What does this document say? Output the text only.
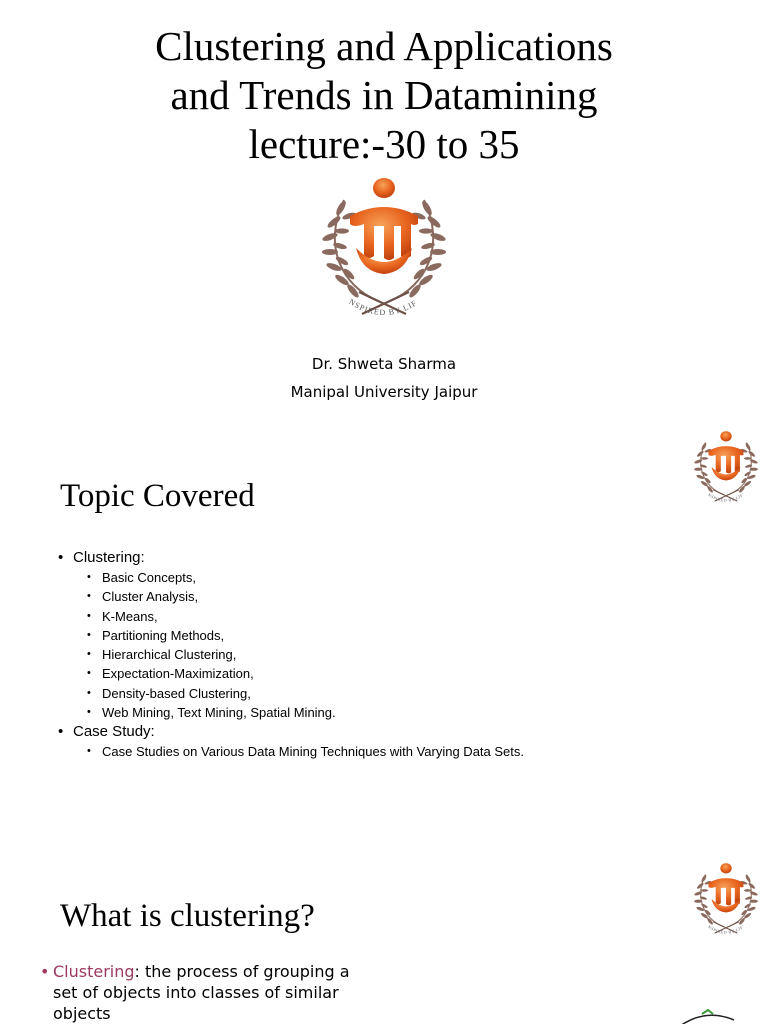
Clustering and Applications
and Trends in Datamining
lecture:-30 to 35
Dr. Shweta Sharma
Manipal University Jaipur
Topic Covered
• Clustering:
• Basic Concepts,
• Cluster Analysis,
• K-Means,
• Partitioning Methods,
• Hierarchical Clustering,
• Expectation-Maximization,
• Density-based Clustering,
• Web Mining, Text Mining, Spatial Mining.
• Case Study:
• Case Studies on Various Data Mining Techniques with Varying Data Sets.
What is clustering?
• Clustering: the process of grouping a set of objects into classes of similar objects
